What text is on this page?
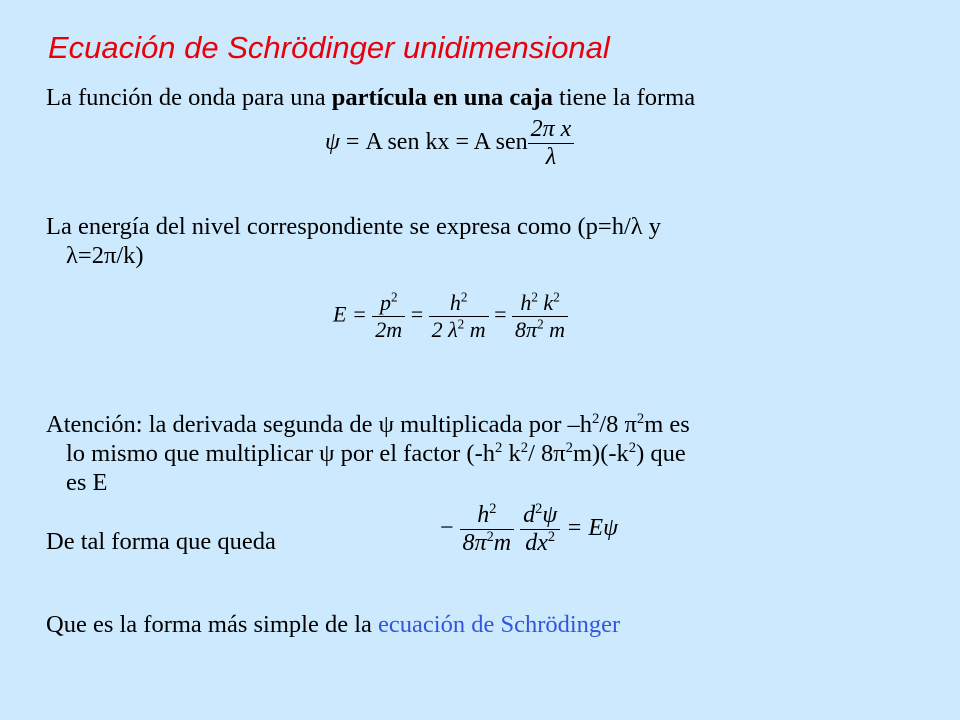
Ecuación de Schrödinger unidimensional
La función de onda para una partícula en una caja tiene la forma
ψ = A sen kx = A sen $\frac{\text{2π x}}{\lambda}$
La energía del nivel correspondiente se expresa como (p=h/λ y
λ=2π/k)
$E = \frac{p^2}{2m} = \frac{h^2}{2 \lambda^2 m} = \frac{h^2 k^2}{8\pi^2 m}$
Atención: la derivada segunda de ψ multiplicada por $-h^2/8$ $\pi^2m$ es
lo mismo que multiplicar ψ por el factor ($-h^2$ $k^2/$ $8\pi^2m)(-k^2)$ que
es E
De tal forma que queda	− $\frac{h^2}{8\pi^2m}$
$\frac{d^2\psi}{dx^2} = E\psi$
Que es la forma más simple de la ecuación de Schrödinger
